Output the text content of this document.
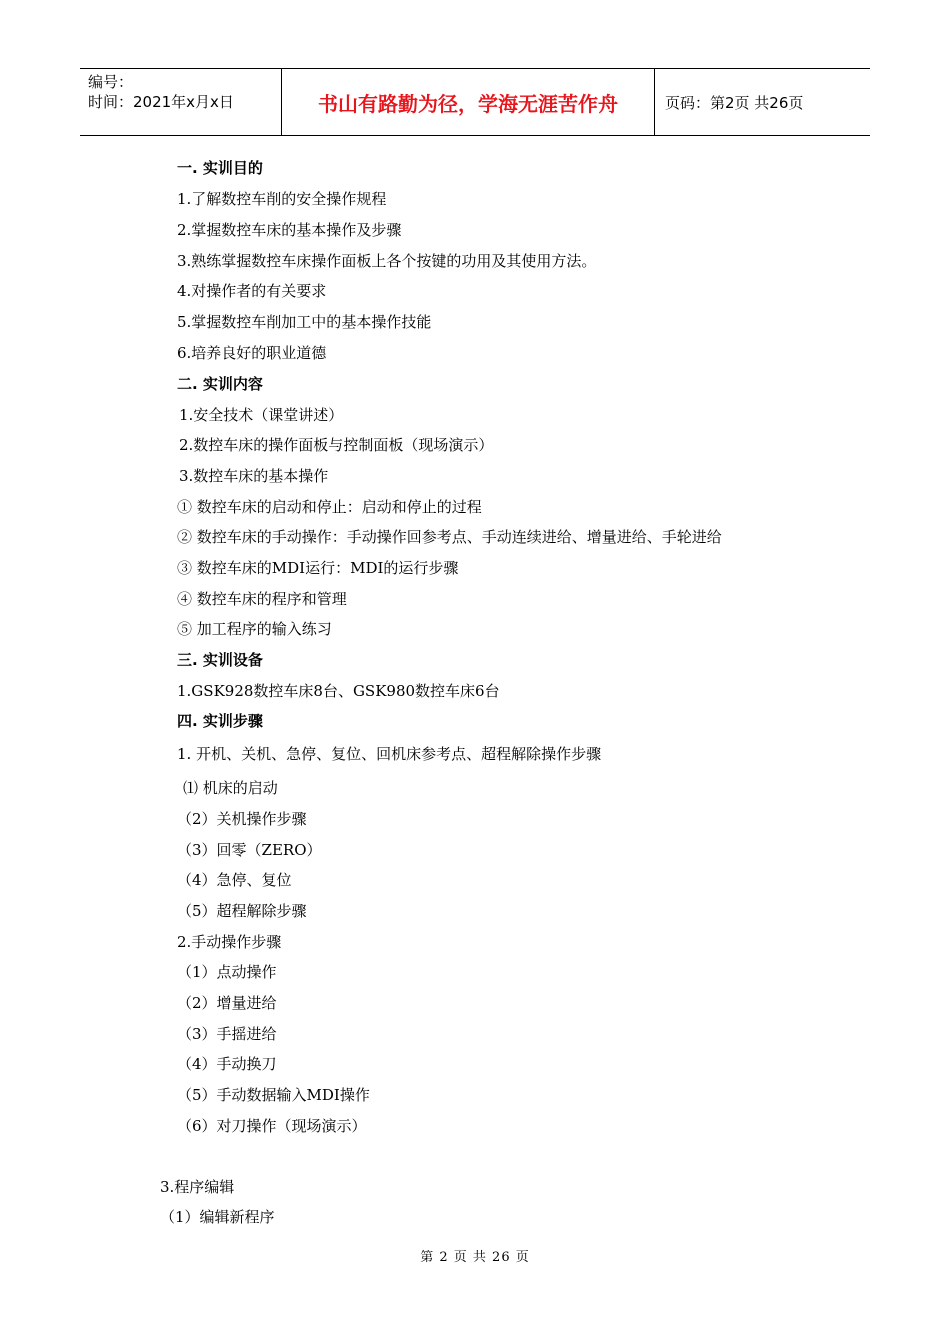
编号：
时间：2021年x月x日	书山有路勤为径，学海无涯苦作舟	页码：第2页 共26页
一. 实训目的
1.了解数控车削的安全操作规程
2.掌握数控车床的基本操作及步骤
3.熟练掌握数控车床操作面板上各个按键的功用及其使用方法。
4.对操作者的有关要求
5.掌握数控车削加工中的基本操作技能
6.培养良好的职业道德
二. 实训内容
1.安全技术（课堂讲述）
2.数控车床的操作面板与控制面板（现场演示）
3.数控车床的基本操作
① 数控车床的启动和停止：启动和停止的过程
② 数控车床的手动操作：手动操作回参考点、手动连续进给、增量进给、手轮进给
③ 数控车床的MDI运行：MDI的运行步骤
④ 数控车床的程序和管理
⑤ 加工程序的输入练习
三. 实训设备
1.GSK928数控车床8台、GSK980数控车床6台
四. 实训步骤
1. 开机、关机、急停、复位、回机床参考点、超程解除操作步骤
⑴ 机床的启动
（2）关机操作步骤
（3）回零（ZERO）
（4）急停、复位
（5）超程解除步骤
2.手动操作步骤
（1）点动操作
（2）增量进给
（3）手摇进给
（4）手动换刀
（5）手动数据输入MDI操作
（6）对刀操作（现场演示）
3.程序编辑
（1）编辑新程序
第 2 页 共 26 页
